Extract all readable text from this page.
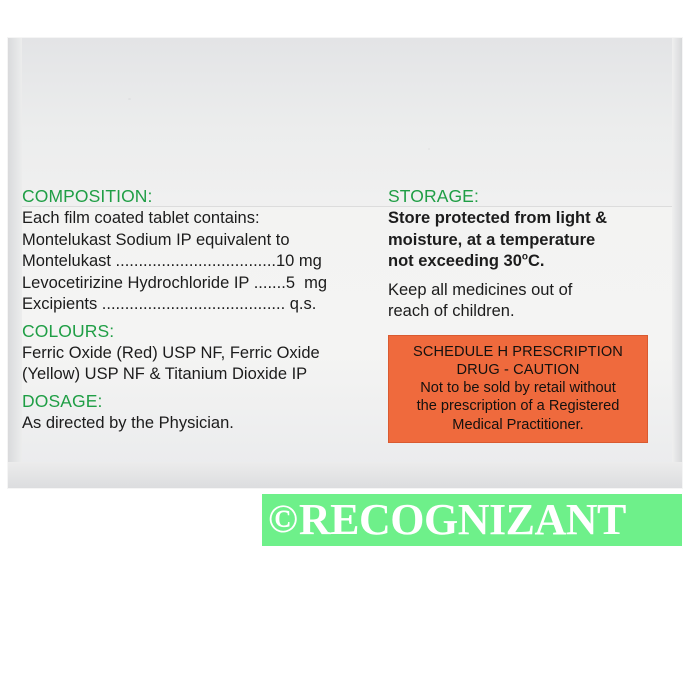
COMPOSITION:
Each film coated tablet contains:
Montelukast Sodium IP equivalent to
Montelukast ...................................10 mg
Levocetirizine Hydrochloride IP .......5  mg
Excipients ........................................ q.s.
COLOURS:
Ferric Oxide (Red) USP NF, Ferric Oxide
(Yellow) USP NF & Titanium Dioxide IP
DOSAGE:
As directed by the Physician.
STORAGE:
Store protected from light &
moisture, at a temperature
not exceeding 30$^o$C.
Keep all medicines out of
reach of children.
SCHEDULE H PRESCRIPTION
DRUG - CAUTION
Not to be sold by retail without
the prescription of a Registered
Medical Practitioner.
© RECOGNIZANT
